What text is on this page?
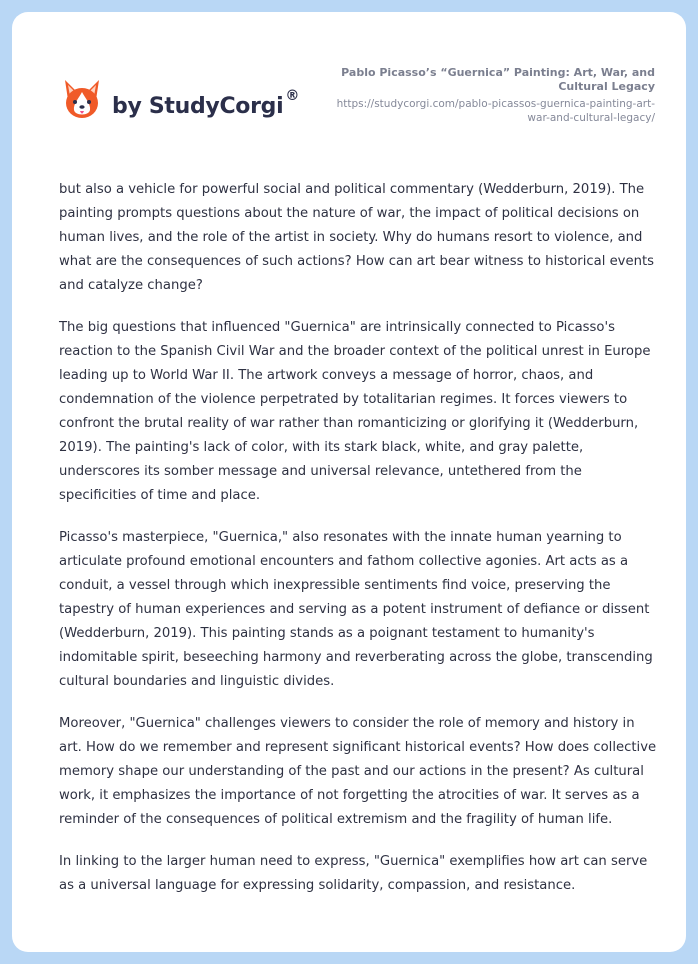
by StudyCorgi ®
Pablo Picasso’s “Guernica” Painting: Art, War, and Cultural Legacy
https://studycorgi.com/pablo-picassos-guernica-painting-art-war-and-cultural-legacy/

but also a vehicle for powerful social and political commentary (Wedderburn, 2019). The painting prompts questions about the nature of war, the impact of political decisions on human lives, and the role of the artist in society. Why do humans resort to violence, and what are the consequences of such actions? How can art bear witness to historical events and catalyze change?

The big questions that influenced "Guernica" are intrinsically connected to Picasso's reaction to the Spanish Civil War and the broader context of the political unrest in Europe leading up to World War II. The artwork conveys a message of horror, chaos, and condemnation of the violence perpetrated by totalitarian regimes. It forces viewers to confront the brutal reality of war rather than romanticizing or glorifying it (Wedderburn, 2019). The painting's lack of color, with its stark black, white, and gray palette, underscores its somber message and universal relevance, untethered from the specificities of time and place.

Picasso's masterpiece, "Guernica," also resonates with the innate human yearning to articulate profound emotional encounters and fathom collective agonies. Art acts as a conduit, a vessel through which inexpressible sentiments find voice, preserving the tapestry of human experiences and serving as a potent instrument of defiance or dissent (Wedderburn, 2019). This painting stands as a poignant testament to humanity's indomitable spirit, beseeching harmony and reverberating across the globe, transcending cultural boundaries and linguistic divides.

Moreover, "Guernica" challenges viewers to consider the role of memory and history in art. How do we remember and represent significant historical events? How does collective memory shape our understanding of the past and our actions in the present? As cultural work, it emphasizes the importance of not forgetting the atrocities of war. It serves as a reminder of the consequences of political extremism and the fragility of human life.

In linking to the larger human need to express, "Guernica" exemplifies how art can serve as a universal language for expressing solidarity, compassion, and resistance.
